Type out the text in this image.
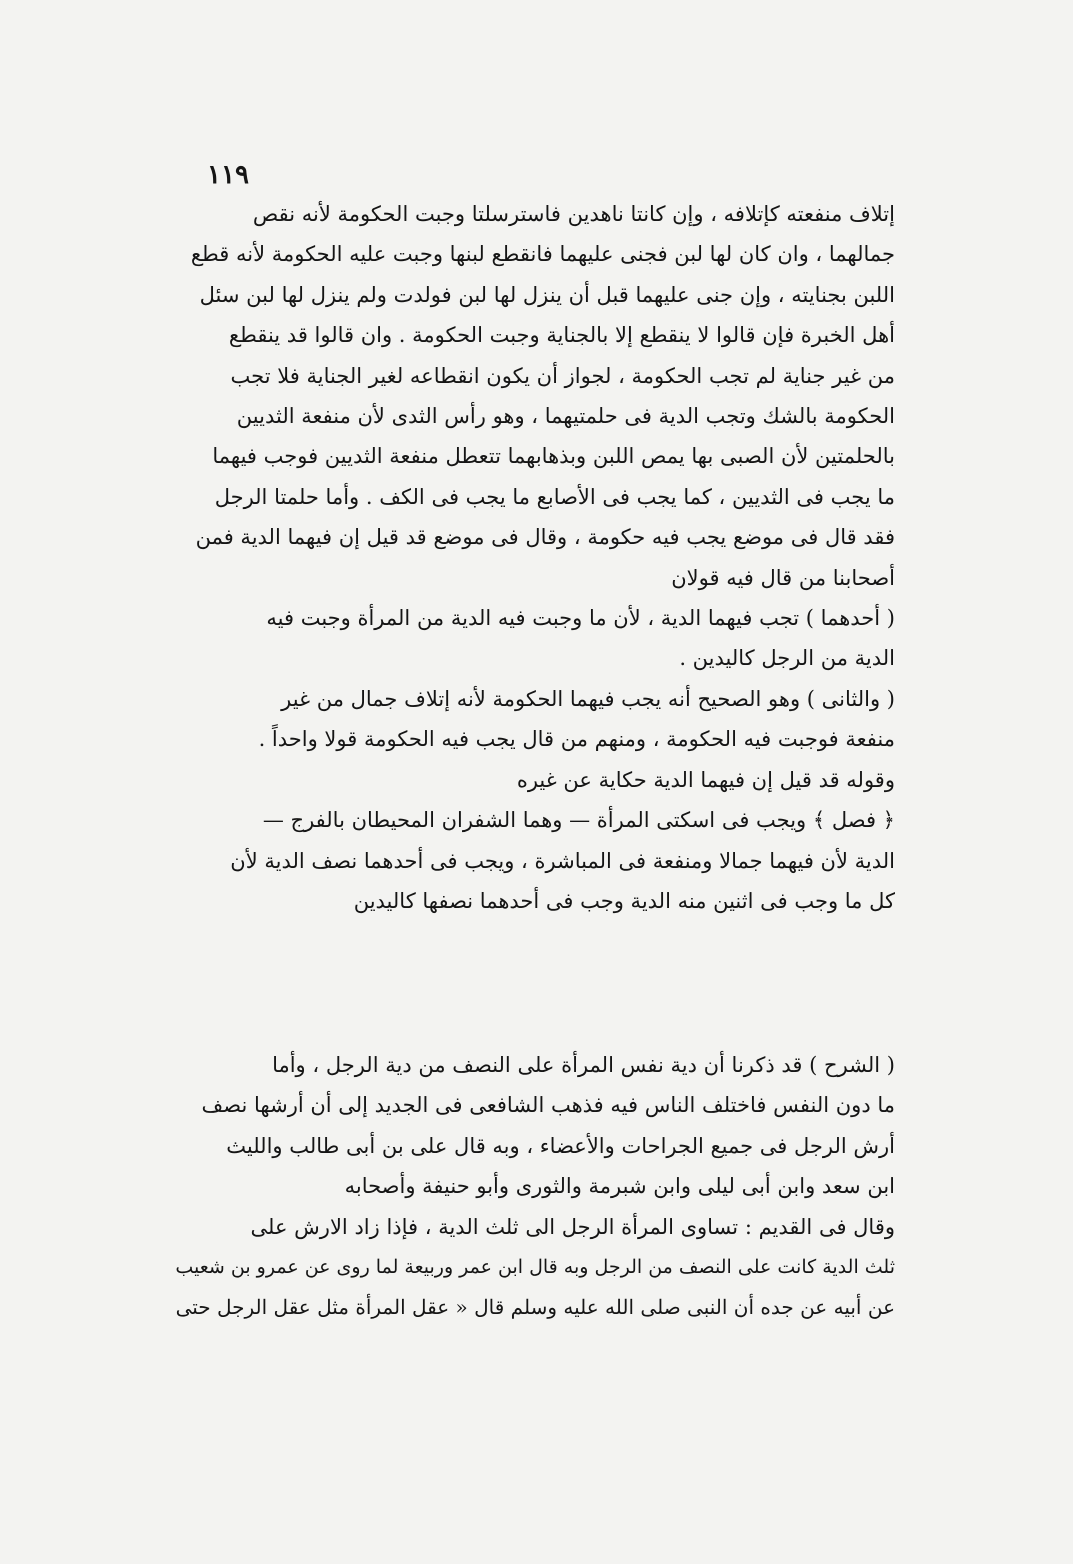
١١٩
إتلاف منفعته كإتلافه ، وإن كانتا ناهدين فاسترسلتا وجبت الحكومة لأنه نقص
جمالهما ، وان كان لها لبن فجنى عليهما فانقطع لبنها وجبت عليه الحكومة لأنه قطع
اللبن بجنايته ، وإن جنى عليهما قبل أن ينزل لها لبن فولدت ولم ينزل لها لبن سئل
أهل الخبرة فإن قالوا لا ينقطع إلا بالجناية وجبت الحكومة . وان قالوا قد ينقطع
من غير جناية لم تجب الحكومة ، لجواز أن يكون انقطاعه لغير الجناية فلا تجب
الحكومة بالشك وتجب الدية فى حلمتيهما ، وهو رأس الثدى لأن منفعة الثديين
بالحلمتين لأن الصبى بها يمص اللبن وبذهابهما تتعطل منفعة الثديين فوجب فيهما
ما يجب فى الثديين ، كما يجب فى الأصابع ما يجب فى الكف . وأما حلمتا الرجل
فقد قال فى موضع يجب فيه حكومة ، وقال فى موضع قد قيل إن فيهما الدية فمن
أصحابنا من قال فيه قولان
( أحدهما ) تجب فيهما الدية ، لأن ما وجبت فيه الدية من المرأة وجبت فيه
الدية من الرجل كاليدين .
( والثانى ) وهو الصحيح أنه يجب فيهما الحكومة لأنه إتلاف جمال من غير
منفعة فوجبت فيه الحكومة ، ومنهم من قال يجب فيه الحكومة قولا واحداً .
وقوله قد قيل إن فيهما الدية حكاية عن غيره
﴿ فصل ﴾ ويجب فى اسكتى المرأة — وهما الشفران المحيطان بالفرج —
الدية لأن فيهما جمالا ومنفعة فى المباشرة ، ويجب فى أحدهما نصف الدية لأن
كل ما وجب فى اثنين منه الدية وجب فى أحدهما نصفها كاليدين
( الشرح ) قد ذكرنا أن دية نفس المرأة على النصف من دية الرجل ، وأما
ما دون النفس فاختلف الناس فيه فذهب الشافعى فى الجديد إلى أن أرشها نصف
أرش الرجل فى جميع الجراحات والأعضاء ، وبه قال على بن أبى طالب والليث
ابن سعد وابن أبى ليلى وابن شبرمة والثورى وأبو حنيفة وأصحابه
وقال فى القديم : تساوى المرأة الرجل الى ثلث الدية ، فإذا زاد الارش على
ثلث الدية كانت على النصف من الرجل وبه قال ابن عمر وربيعة لما روى عن عمرو بن شعيب
عن أبيه عن جده أن النبى صلى الله عليه وسلم قال « عقل المرأة مثل عقل الرجل حتى
